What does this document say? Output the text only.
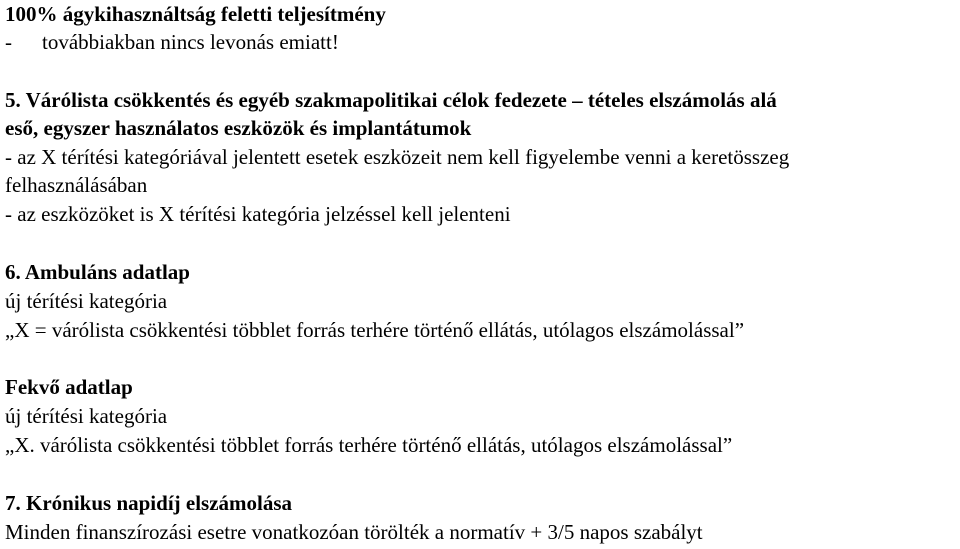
100% ágykihasználtság feletti teljesítmény
- továbbiakban nincs levonás emiatt!
5. Várólista csökkentés és egyéb szakmapolitikai célok fedezete – tételes elszámolás alá
eső, egyszer használatos eszközök és implantátumok
- az X térítési kategóriával jelentett esetek eszközeit nem kell figyelembe venni a keretösszeg
felhasználásában
- az eszközöket is X térítési kategória jelzéssel kell jelenteni
6. Ambuláns adatlap
új térítési kategória
„X = várólista csökkentési többlet forrás terhére történő ellátás, utólagos elszámolással”
Fekvő adatlap
új térítési kategória
„X. várólista csökkentési többlet forrás terhére történő ellátás, utólagos elszámolással”
7. Krónikus napidíj elszámolása
Minden finanszírozási esetre vonatkozóan törölték a normatív + 3/5 napos szabályt
